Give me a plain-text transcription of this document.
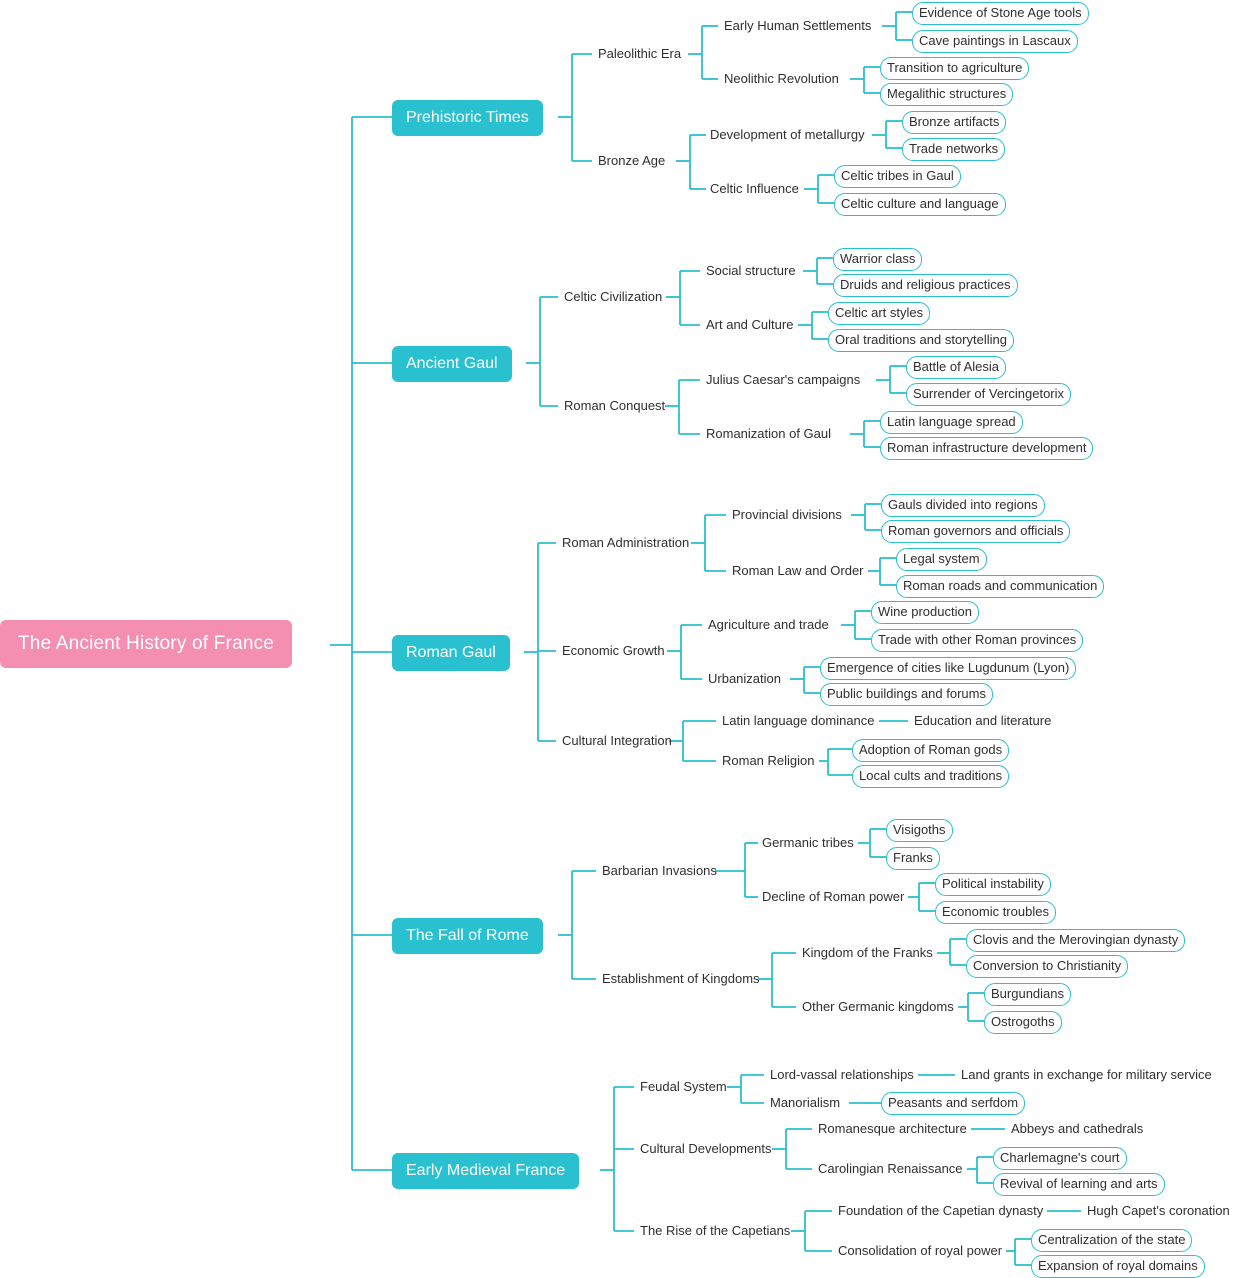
The Ancient History of France
Prehistoric Times
Paleolithic Era
Bronze Age
Early Human Settlements
Evidence of Stone Age tools
Cave paintings in Lascaux
Neolithic Revolution
Transition to agriculture
Megalithic structures
Development of metallurgy
Bronze artifacts
Trade networks
Celtic Influence
Celtic tribes in Gaul
Celtic culture and language
Ancient Gaul
Celtic Civilization
Roman Conquest
Social structure
Warrior class
Druids and religious practices
Art and Culture
Celtic art styles
Oral traditions and storytelling
Julius Caesar's campaigns
Battle of Alesia
Surrender of Vercingetorix
Romanization of Gaul
Latin language spread
Roman infrastructure development
Roman Gaul
Roman Administration
Economic Growth
Cultural Integration
Provincial divisions
Gauls divided into regions
Roman governors and officials
Roman Law and Order
Legal system
Roman roads and communication
Agriculture and trade
Wine production
Trade with other Roman provinces
Urbanization
Emergence of cities like Lugdunum (Lyon)
Public buildings and forums
Latin language dominance	Education and literature
Roman Religion
Adoption of Roman gods
Local cults and traditions
The Fall of Rome
Barbarian Invasions
Establishment of Kingdoms
Germanic tribes
Visigoths
Franks
Decline of Roman power
Political instability
Economic troubles
Kingdom of the Franks
Clovis and the Merovingian dynasty
Conversion to Christianity
Other Germanic kingdoms
Burgundians
Ostrogoths
Early Medieval France
Feudal System
Cultural Developments
The Rise of the Capetians
Lord-vassal relationships	Land grants in exchange for military service
Manorialism	Peasants and serfdom
Romanesque architecture	Abbeys and cathedrals
Carolingian Renaissance
Charlemagne's court
Revival of learning and arts
Foundation of the Capetian dynasty	Hugh Capet's coronation
Consolidation of royal power
Centralization of the state
Expansion of royal domains
